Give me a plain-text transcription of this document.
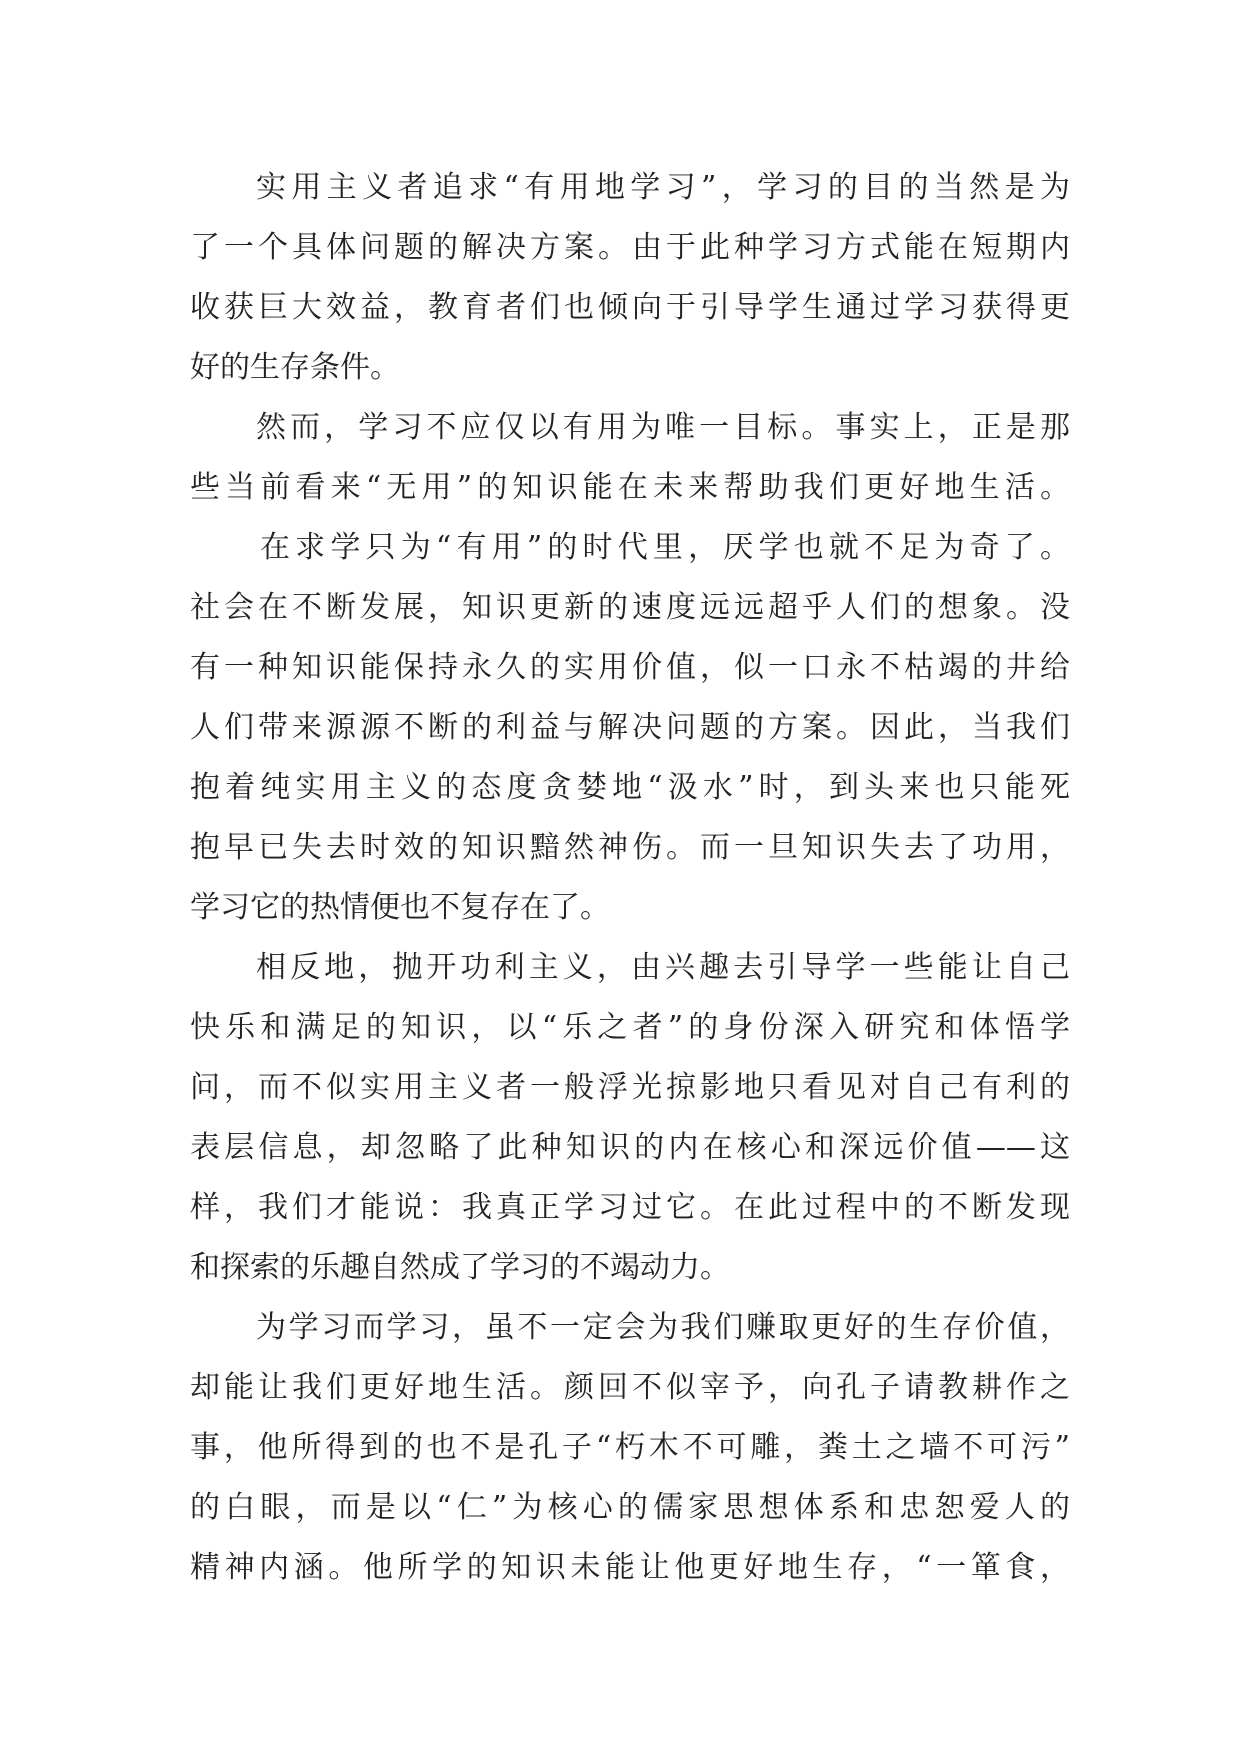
实用主义者追求“有用地学习”，学习的目的当然是为
了一个具体问题的解决方案。由于此种学习方式能在短期内
收获巨大效益，教育者们也倾向于引导学生通过学习获得更
好的生存条件。
然而，学习不应仅以有用为唯一目标。事实上，正是那
些当前看来“无用”的知识能在未来帮助我们更好地生活。
在求学只为“有用”的时代里，厌学也就不足为奇了。
社会在不断发展，知识更新的速度远远超乎人们的想象。没
有一种知识能保持永久的实用价值，似一口永不枯竭的井给
人们带来源源不断的利益与解决问题的方案。因此，当我们
抱着纯实用主义的态度贪婪地“汲水”时，到头来也只能死
抱早已失去时效的知识黯然神伤。而一旦知识失去了功用，
学习它的热情便也不复存在了。
相反地，抛开功利主义，由兴趣去引导学一些能让自己
快乐和满足的知识，以“乐之者”的身份深入研究和体悟学
问，而不似实用主义者一般浮光掠影地只看见对自己有利的
表层信息，却忽略了此种知识的内在核心和深远价值——这
样，我们才能说：我真正学习过它。在此过程中的不断发现
和探索的乐趣自然成了学习的不竭动力。
为学习而学习，虽不一定会为我们赚取更好的生存价值，
却能让我们更好地生活。颜回不似宰予，向孔子请教耕作之
事，他所得到的也不是孔子“朽木不可雕，粪土之墙不可污”
的白眼，而是以“仁”为核心的儒家思想体系和忠恕爱人的
精神内涵。他所学的知识未能让他更好地生存，“一箪食，
